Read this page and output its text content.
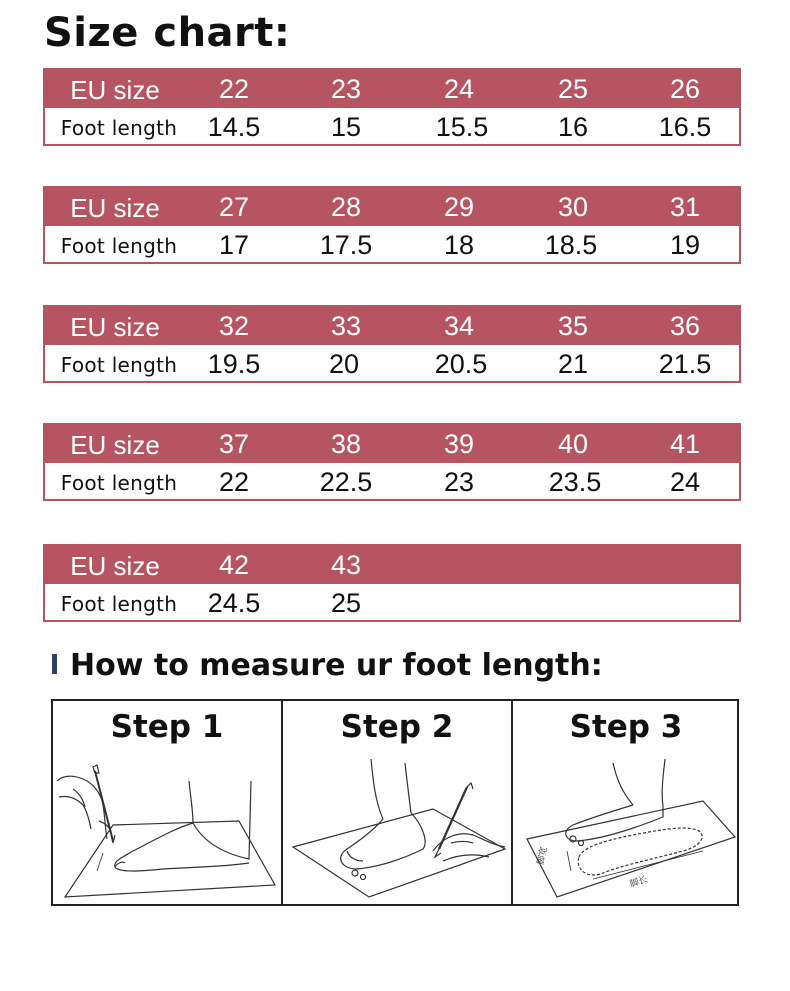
Size chart:
EU size	22	23	24	25	26
Foot length	14.5	15	15.5	16	16.5
EU size	27	28	29	30	31
Foot length	17	17.5	18	18.5	19
EU size	32	33	34	35	36
Foot length	19.5	20	20.5	21	21.5
EU size	37	38	39	40	41
Foot length	22	22.5	23	23.5	24
EU size	42	43
Foot length	24.5	25
How to measure ur foot length:
Step 1	Step 2	Step 3
脚宽
脚长
